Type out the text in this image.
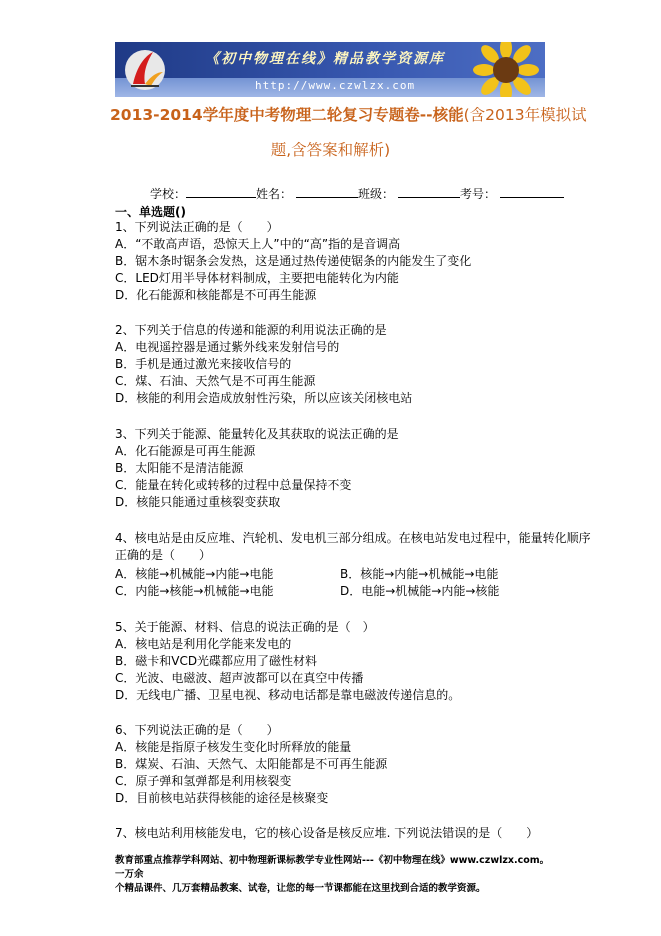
《初中物理在线》精品教学资源库
http://www.czwlzx.com
2013-2014学年度中考物理二轮复习专题卷--核能(含2013年模拟试
题,含答案和解析)
学校：	姓名：	班级：	考号：
一、单选题()
1、下列说法正确的是（　　）
A．“不敢高声语，恐惊天上人”中的“高”指的是音调高
B．锯木条时锯条会发热，这是通过热传递使锯条的内能发生了变化
C．LED灯用半导体材料制成，主要把电能转化为内能
D．化石能源和核能都是不可再生能源
2、下列关于信息的传递和能源的利用说法正确的是
A．电视遥控器是通过紫外线来发射信号的
B．手机是通过激光来接收信号的
C．煤、石油、天然气是不可再生能源
D．核能的利用会造成放射性污染，所以应该关闭核电站
3、下列关于能源、能量转化及其获取的说法正确的是
A．化石能源是可再生能源
B．太阳能不是清洁能源
C．能量在转化或转移的过程中总量保持不变
D．核能只能通过重核裂变获取
4、核电站是由反应堆、汽轮机、发电机三部分组成。在核电站发电过程中，能量转化顺序
正确的是（　　）
A．核能→机械能→内能→电能	B．核能→内能→机械能→电能
C．内能→核能→机械能→电能	D．电能→机械能→内能→核能
5、关于能源、材料、信息的说法正确的是（　）
A．核电站是利用化学能来发电的
B．磁卡和VCD光碟都应用了磁性材料
C．光波、电磁波、超声波都可以在真空中传播
D．无线电广播、卫星电视、移动电话都是靠电磁波传递信息的。
6、下列说法正确的是（　　）
A．核能是指原子核发生变化时所释放的能量
B．煤炭、石油、天然气、太阳能都是不可再生能源
C．原子弹和氢弹都是利用核裂变
D．目前核电站获得核能的途径是核聚变
7、核电站利用核能发电，它的核心设备是核反应堆. 下列说法错误的是（　　）
教育部重点推荐学科网站、初中物理新课标教学专业性网站---《初中物理在线》www.czwlzx.com。一万余
个精品课件、几万套精品教案、试卷，让您的每一节课都能在这里找到合适的教学资源。
